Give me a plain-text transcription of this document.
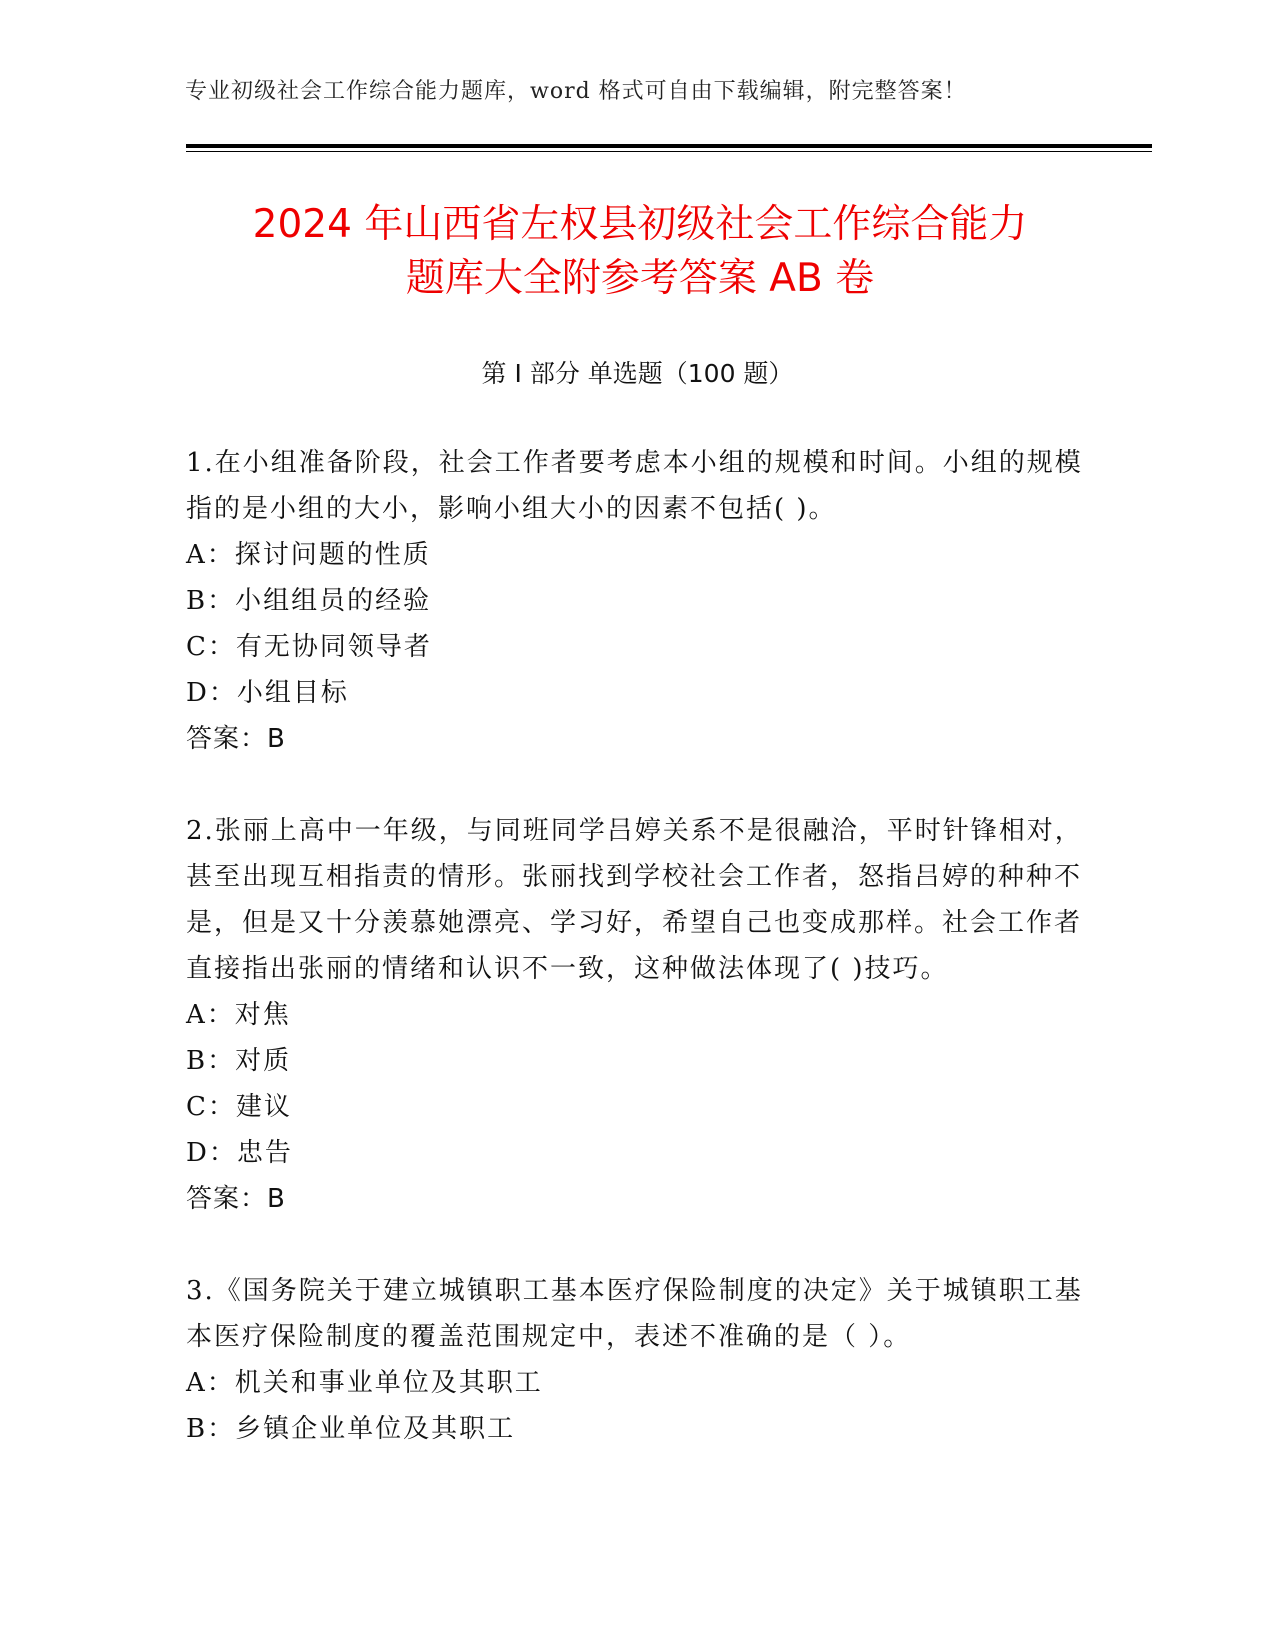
专业初级社会工作综合能力题库，word 格式可自由下载编辑，附完整答案！
2024 年山西省左权县初级社会工作综合能力
题库大全附参考答案 AB 卷
第 I 部分 单选题（100 题）

1.在小组准备阶段，社会工作者要考虑本小组的规模和时间。小组的规模指的是小组的大小，影响小组大小的因素不包括( )。

A：探讨问题的性质

B：小组组员的经验

C：有无协同领导者

D：小组目标

答案：B

2.张丽上高中一年级，与同班同学吕婷关系不是很融洽，平时针锋相对，甚至出现互相指责的情形。张丽找到学校社会工作者，怒指吕婷的种种不是，但是又十分羡慕她漂亮、学习好，希望自己也变成那样。社会工作者直接指出张丽的情绪和认识不一致，这种做法体现了( )技巧。

A：对焦

B：对质

C：建议

D：忠告

答案：B

3.《国务院关于建立城镇职工基本医疗保险制度的决定》关于城镇职工基本医疗保险制度的覆盖范围规定中，表述不准确的是（ ）。

A：机关和事业单位及其职工

B：乡镇企业单位及其职工
